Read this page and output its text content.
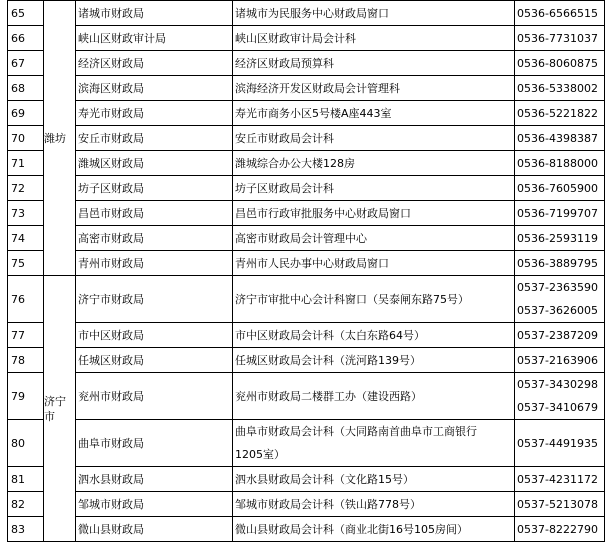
65	潍坊	诸城市财政局	诸城市为民服务中心财政局窗口	0536-6566515
66		峡山区财政审计局	峡山区财政审计局会计科	0536-7731037
67		经济区财政局	经济区财政局预算科	0536-8060875
68		滨海区财政局	滨海经济开发区财政局会计管理科	0536-5338002
69		寿光市财政局	寿光市商务小区5号楼A座443室	0536-5221822
70		安丘市财政局	安丘市财政局会计科	0536-4398387
71		潍城区财政局	潍城综合办公大楼128房	0536-8188000
72		坊子区财政局	坊子区财政局会计科	0536-7605900
73		昌邑市财政局	昌邑市行政审批服务中心财政局窗口	0536-7199707
74		高密市财政局	高密市财政局会计管理中心	0536-2593119
75		青州市财政局	青州市人民办事中心财政局窗口	0536-3889795
76	济宁市	济宁市财政局	济宁市审批中心会计科窗口（吴泰闸东路75号）	0537-2363590
0537-3626005

77		市中区财政局	市中区财政局会计科（太白东路64号）	0537-2387209
78		任城区财政局	任城区财政局会计科（洸河路139号）	0537-2163906
79		兖州市财政局	兖州市财政局二楼群工办（建设西路）	0537-3430298
0537-3410679

80		曲阜市财政局	曲阜市财政局会计科（大同路南首曲阜市工商银行
1205室）	0537-4491935
81		泗水县财政局	泗水县财政局会计科（文化路15号）	0537-4231172
82		邹城市财政局	邹城市财政局会计科（铁山路778号）	0537-5213078
83		微山县财政局	微山县财政局会计科（商业北街16号105房间）	0537-8222790
